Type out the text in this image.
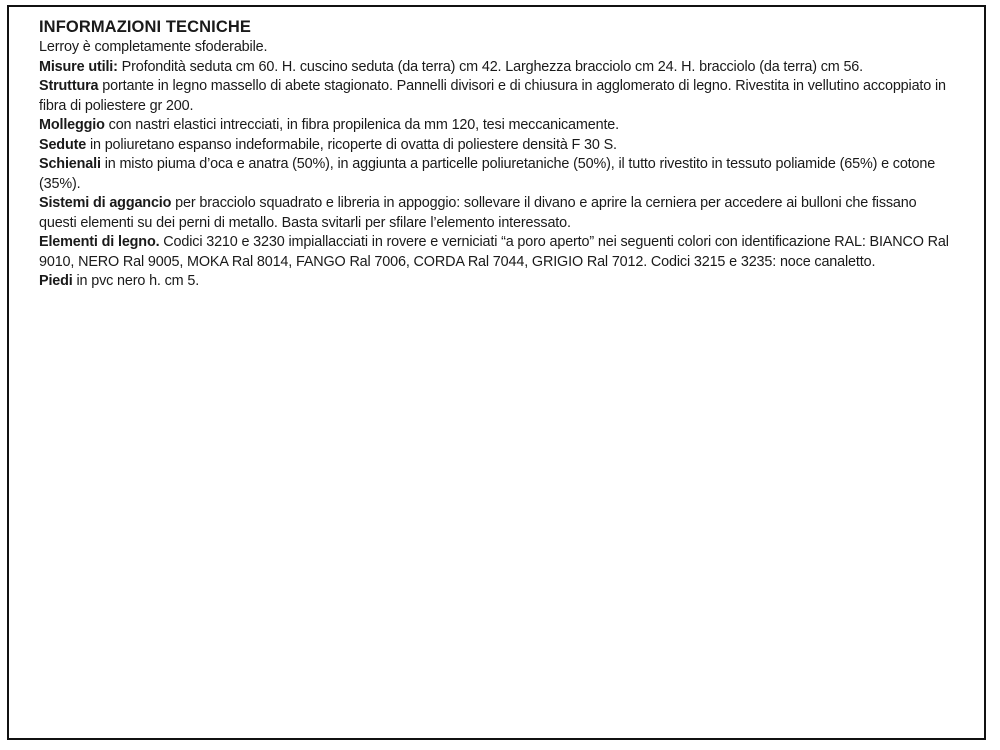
INFORMAZIONI TECNICHE

Lerroy è completamente sfoderabile.

Misure utili: Profondità seduta cm 60. H. cuscino seduta (da terra) cm 42. Larghezza bracciolo cm 24. H. bracciolo (da terra) cm 56.

Struttura portante in legno massello di abete stagionato. Pannelli divisori e di chiusura in agglomerato di legno. Rivestita in vellutino accoppiato in fibra di poliestere gr 200.

Molleggio con nastri elastici intrecciati, in fibra propilenica da mm 120, tesi meccanicamente.

Sedute in poliuretano espanso indeformabile, ricoperte di ovatta di poliestere densità F 30 S.

Schienali in misto piuma d’oca e anatra (50%), in aggiunta a particelle poliuretaniche (50%), il tutto rivestito in tessuto poliamide (65%) e cotone (35%).

Sistemi di aggancio per bracciolo squadrato e libreria in appoggio: sollevare il divano e aprire la cerniera per accedere ai bulloni che fissano questi elementi su dei perni di metallo. Basta svitarli per sfilare l’elemento interessato.

Elementi di legno. Codici 3210 e 3230 impiallacciati in rovere e verniciati “a poro aperto” nei seguenti colori con identificazione RAL: BIANCO Ral 9010, NERO Ral 9005, MOKA Ral 8014, FANGO Ral 7006, CORDA Ral 7044, GRIGIO Ral 7012. Codici 3215 e 3235: noce canaletto.

Piedi in pvc nero h. cm 5.
